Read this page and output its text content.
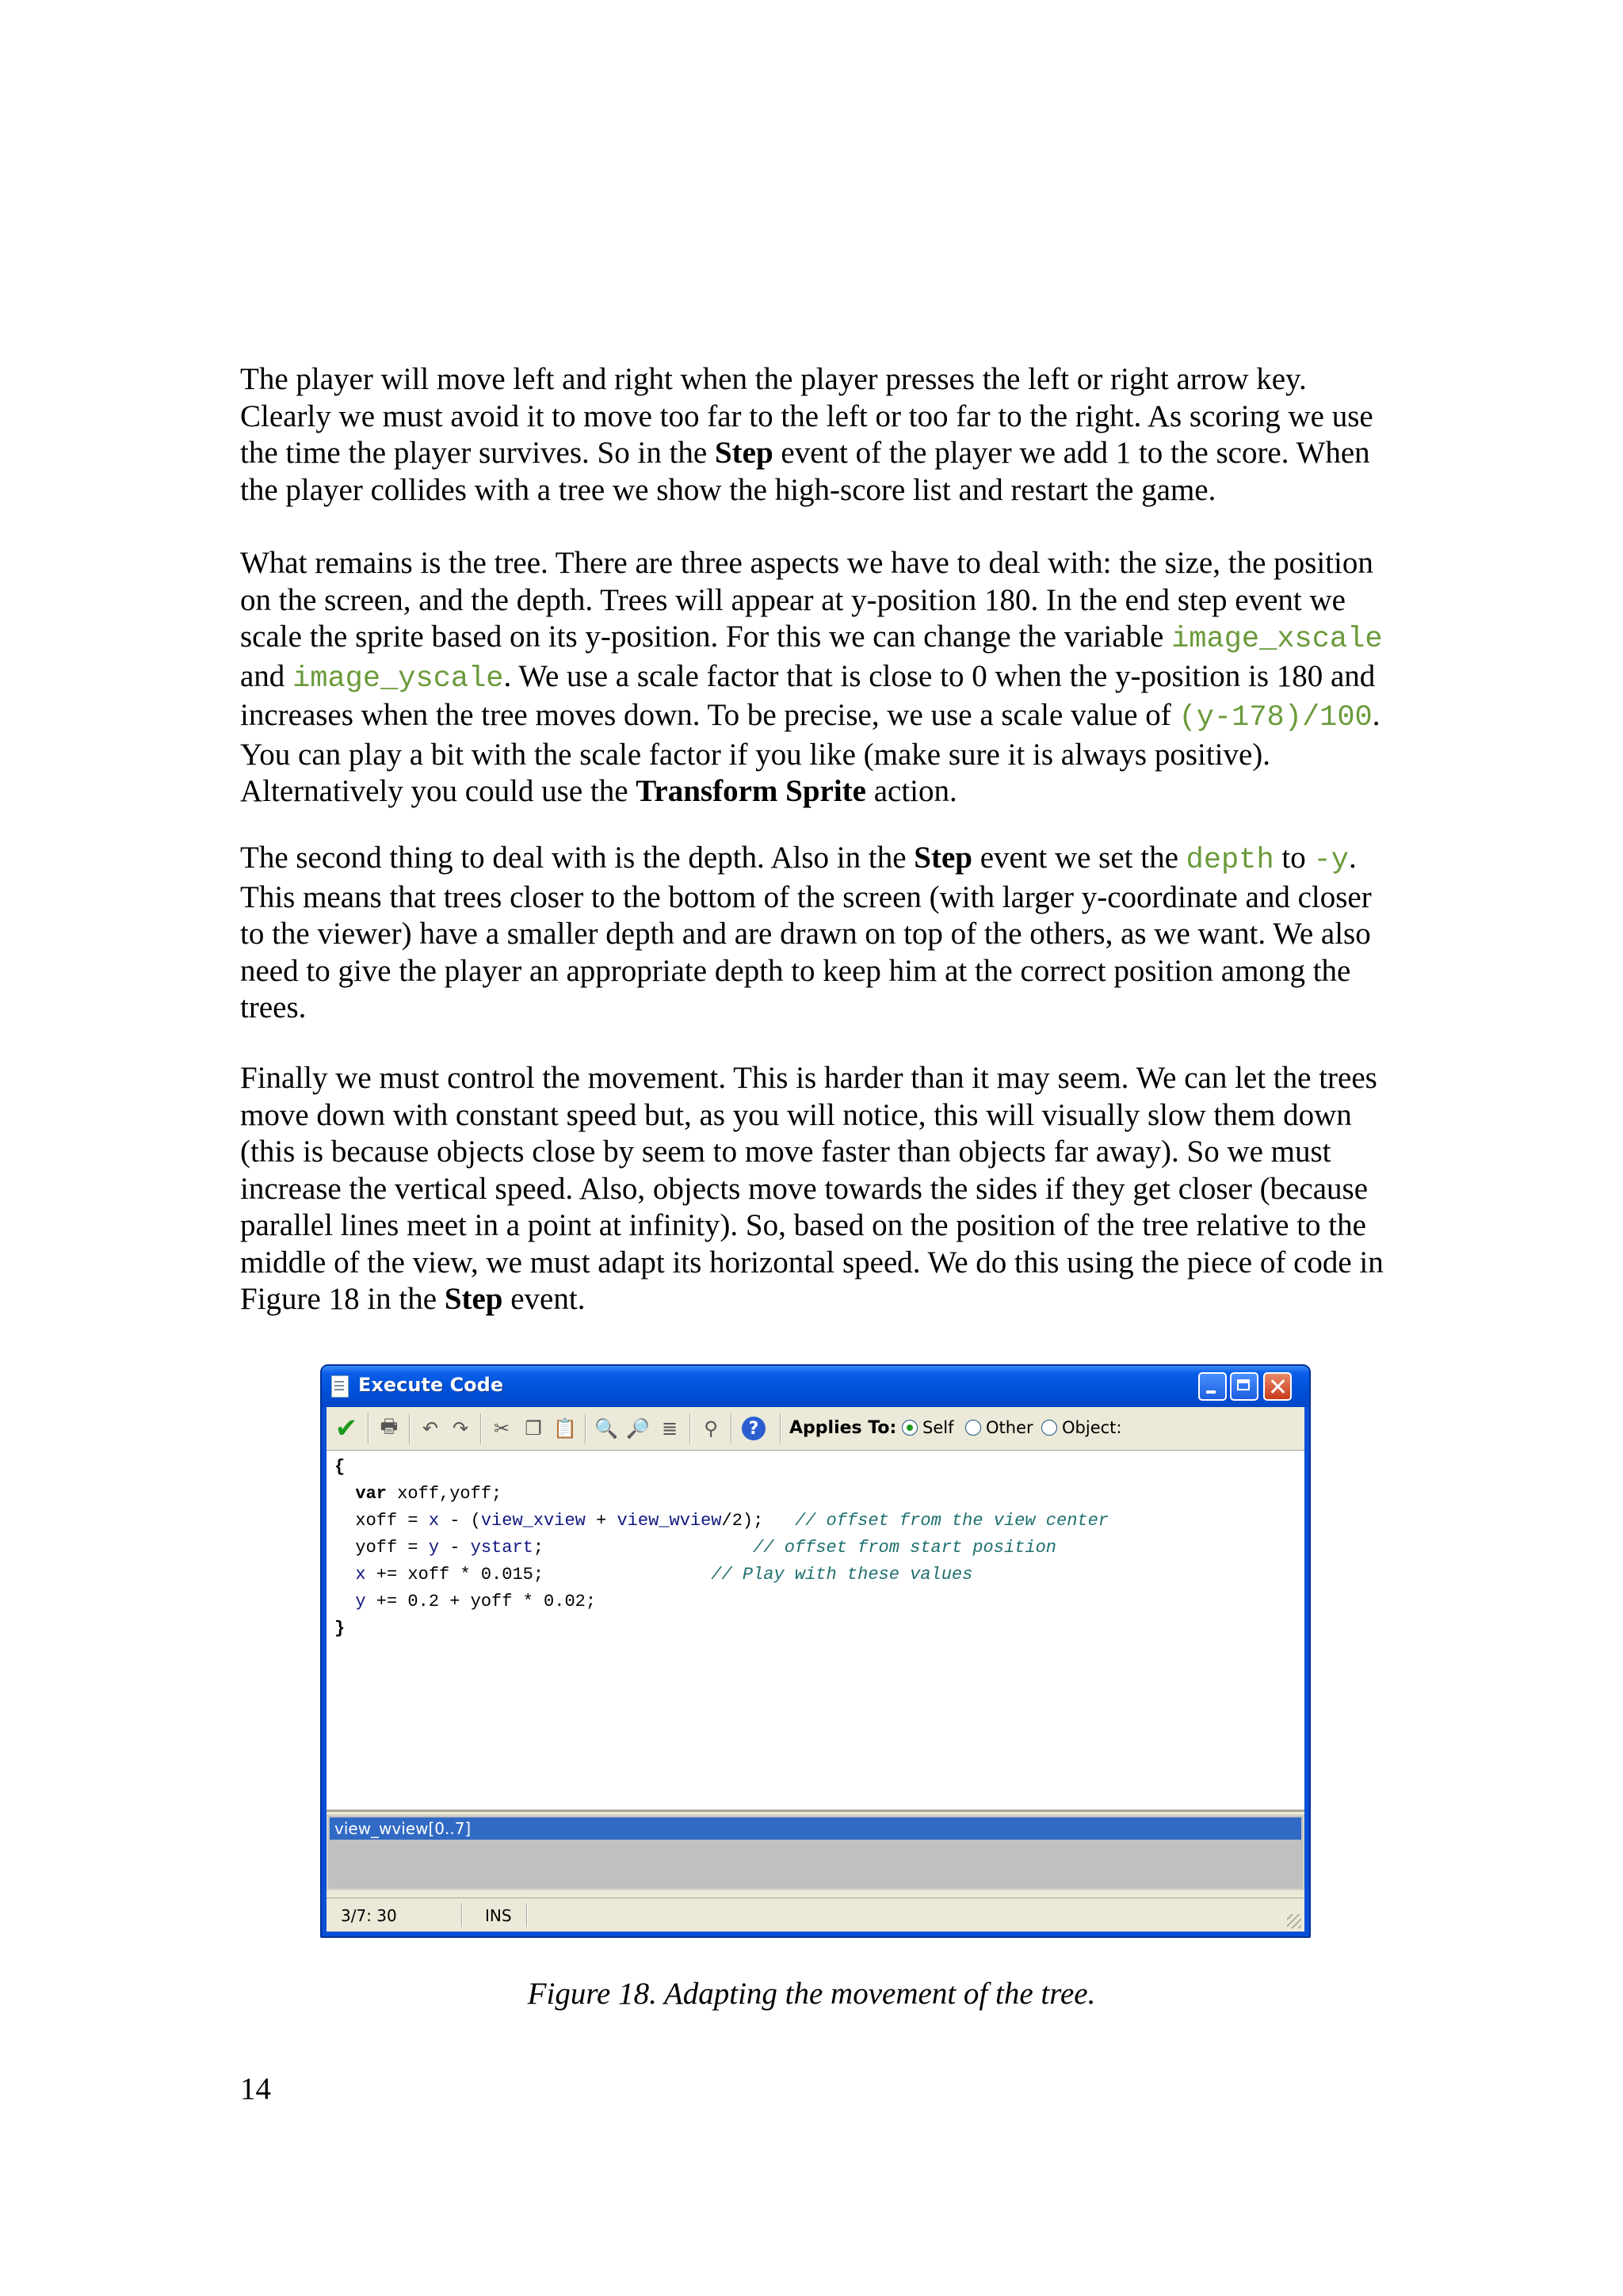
The player will move left and right when the player presses the left or right arrow key. Clearly we must avoid it to move too far to the left or too far to the right. As scoring we use the time the player survives. So in the Step event of the player we add 1 to the score. When the player collides with a tree we show the high-score list and restart the game.

What remains is the tree. There are three aspects we have to deal with: the size, the position on the screen, and the depth. Trees will appear at y-position 180. In the end step event we scale the sprite based on its y-position. For this we can change the variable image_xscale and image_yscale. We use a scale factor that is close to 0 when the y-position is 180 and increases when the tree moves down. To be precise, we use a scale value of (y-178)/100. You can play a bit with the scale factor if you like (make sure it is always positive). Alternatively you could use the Transform Sprite action.

The second thing to deal with is the depth. Also in the Step event we set the depth to -y. This means that trees closer to the bottom of the screen (with larger y-coordinate and closer to the viewer) have a smaller depth and are drawn on top of the others, as we want. We also need to give the player an appropriate depth to keep him at the correct position among the trees.

Finally we must control the movement. This is harder than it may seem. We can let the trees move down with constant speed but, as you will notice, this will visually slow them down (this is because objects close by seem to move faster than objects far away). So we must increase the vertical speed. Also, objects move towards the sides if they get closer (because parallel lines meet in a point at infinity). So, based on the position of the tree relative to the middle of the view, we must adapt its horizontal speed. We do this using the piece of code in Figure 18 in the Step event.

Execute Code
✔ 🖶 ↶ ↷ ✂ ❐ 📋 🔍 🔎 ≣	⚲	?	Applies To: Self Other Object:
{
var xoff,yoff;
xoff = x - (view_xview + view_wview/2); // offset from the view center
yoff = y - ystart;	// offset from start position
x += xoff * 0.015;	// Play with these values
y += 0.2 + yoff * 0.02;
}
view_wview[0..7]
3/7: 30	INS
Figure 18. Adapting the movement of the tree.
14
